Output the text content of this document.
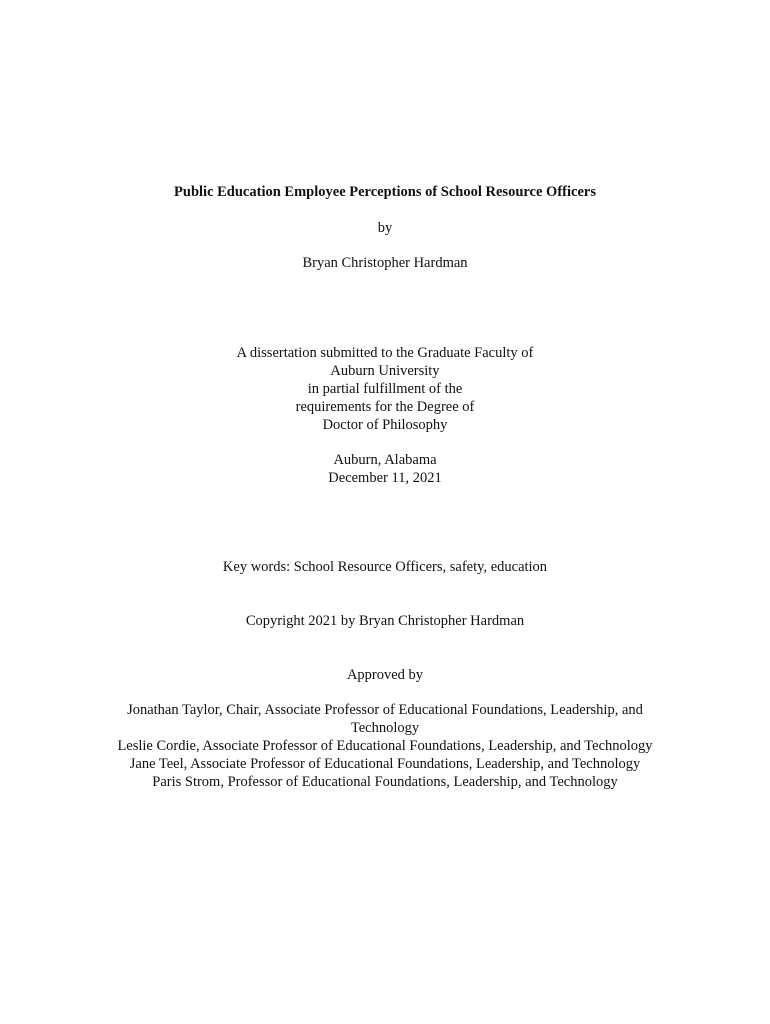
Public Education Employee Perceptions of School Resource Officers
by
Bryan Christopher Hardman
A dissertation submitted to the Graduate Faculty of
Auburn University
in partial fulfillment of the
requirements for the Degree of
Doctor of Philosophy
Auburn, Alabama
December 11, 2021
Key words: School Resource Officers, safety, education
Copyright 2021 by Bryan Christopher Hardman
Approved by
Jonathan Taylor, Chair, Associate Professor of Educational Foundations, Leadership, and
Technology
Leslie Cordie, Associate Professor of Educational Foundations, Leadership, and Technology
Jane Teel, Associate Professor of Educational Foundations, Leadership, and Technology
Paris Strom, Professor of Educational Foundations, Leadership, and Technology
